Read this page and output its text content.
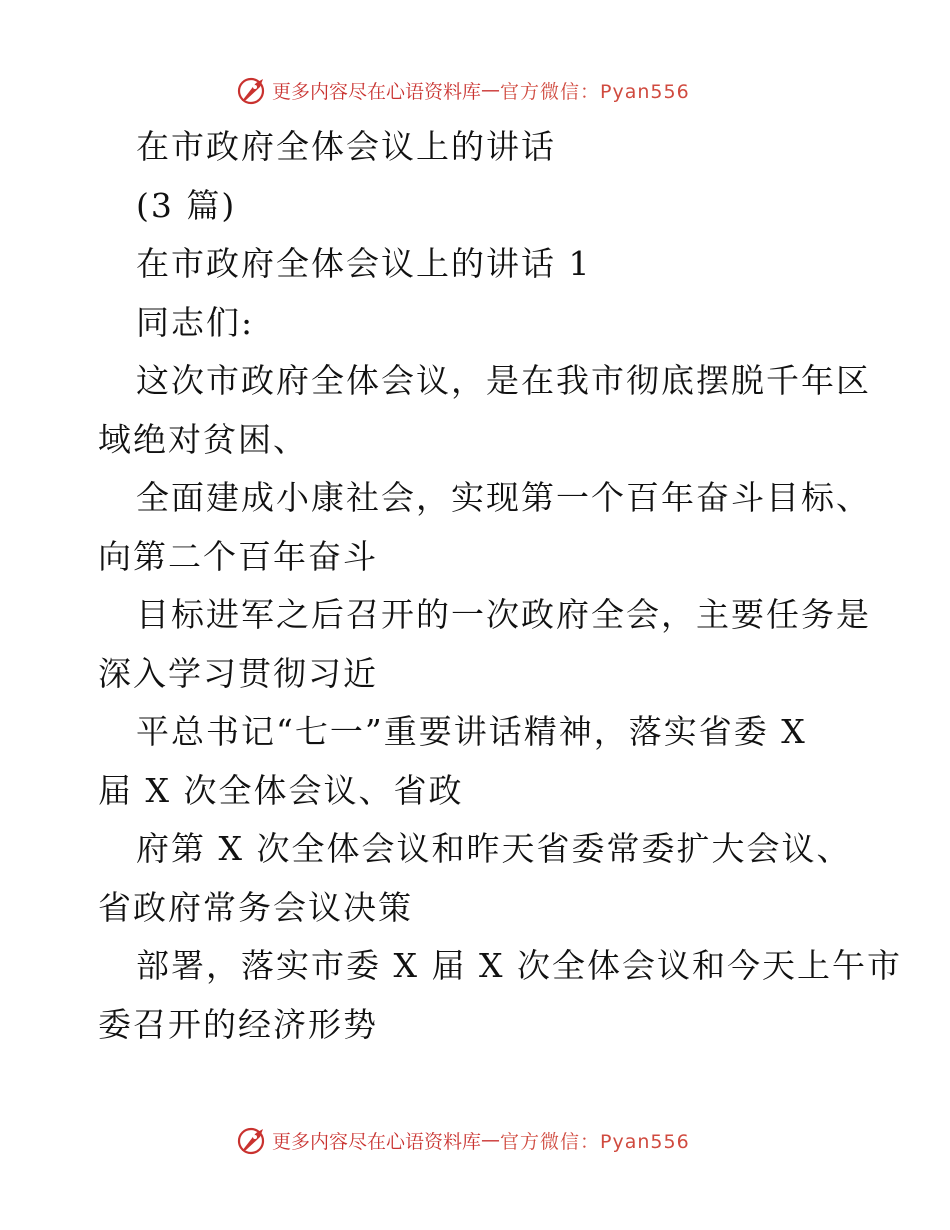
更多内容尽在心语资料库 — 官方微信：Pyan556
在市政府全体会议上的讲话
(3 篇)
在市政府全体会议上的讲话 1
同志们:
这次市政府全体会议，是在我市彻底摆脱千年区
域绝对贫困、
全面建成小康社会，实现第一个百年奋斗目标、
向第二个百年奋斗
目标进军之后召开的一次政府全会，主要任务是
深入学习贯彻习近
平总书记“七一”重要讲话精神，落实省委 X
届 X 次全体会议、省政
府第 X 次全体会议和昨天省委常委扩大会议、
省政府常务会议决策
部署，落实市委 X 届 X 次全体会议和今天上午市
委召开的经济形势
更多内容尽在心语资料库 — 官方微信：Pyan556
